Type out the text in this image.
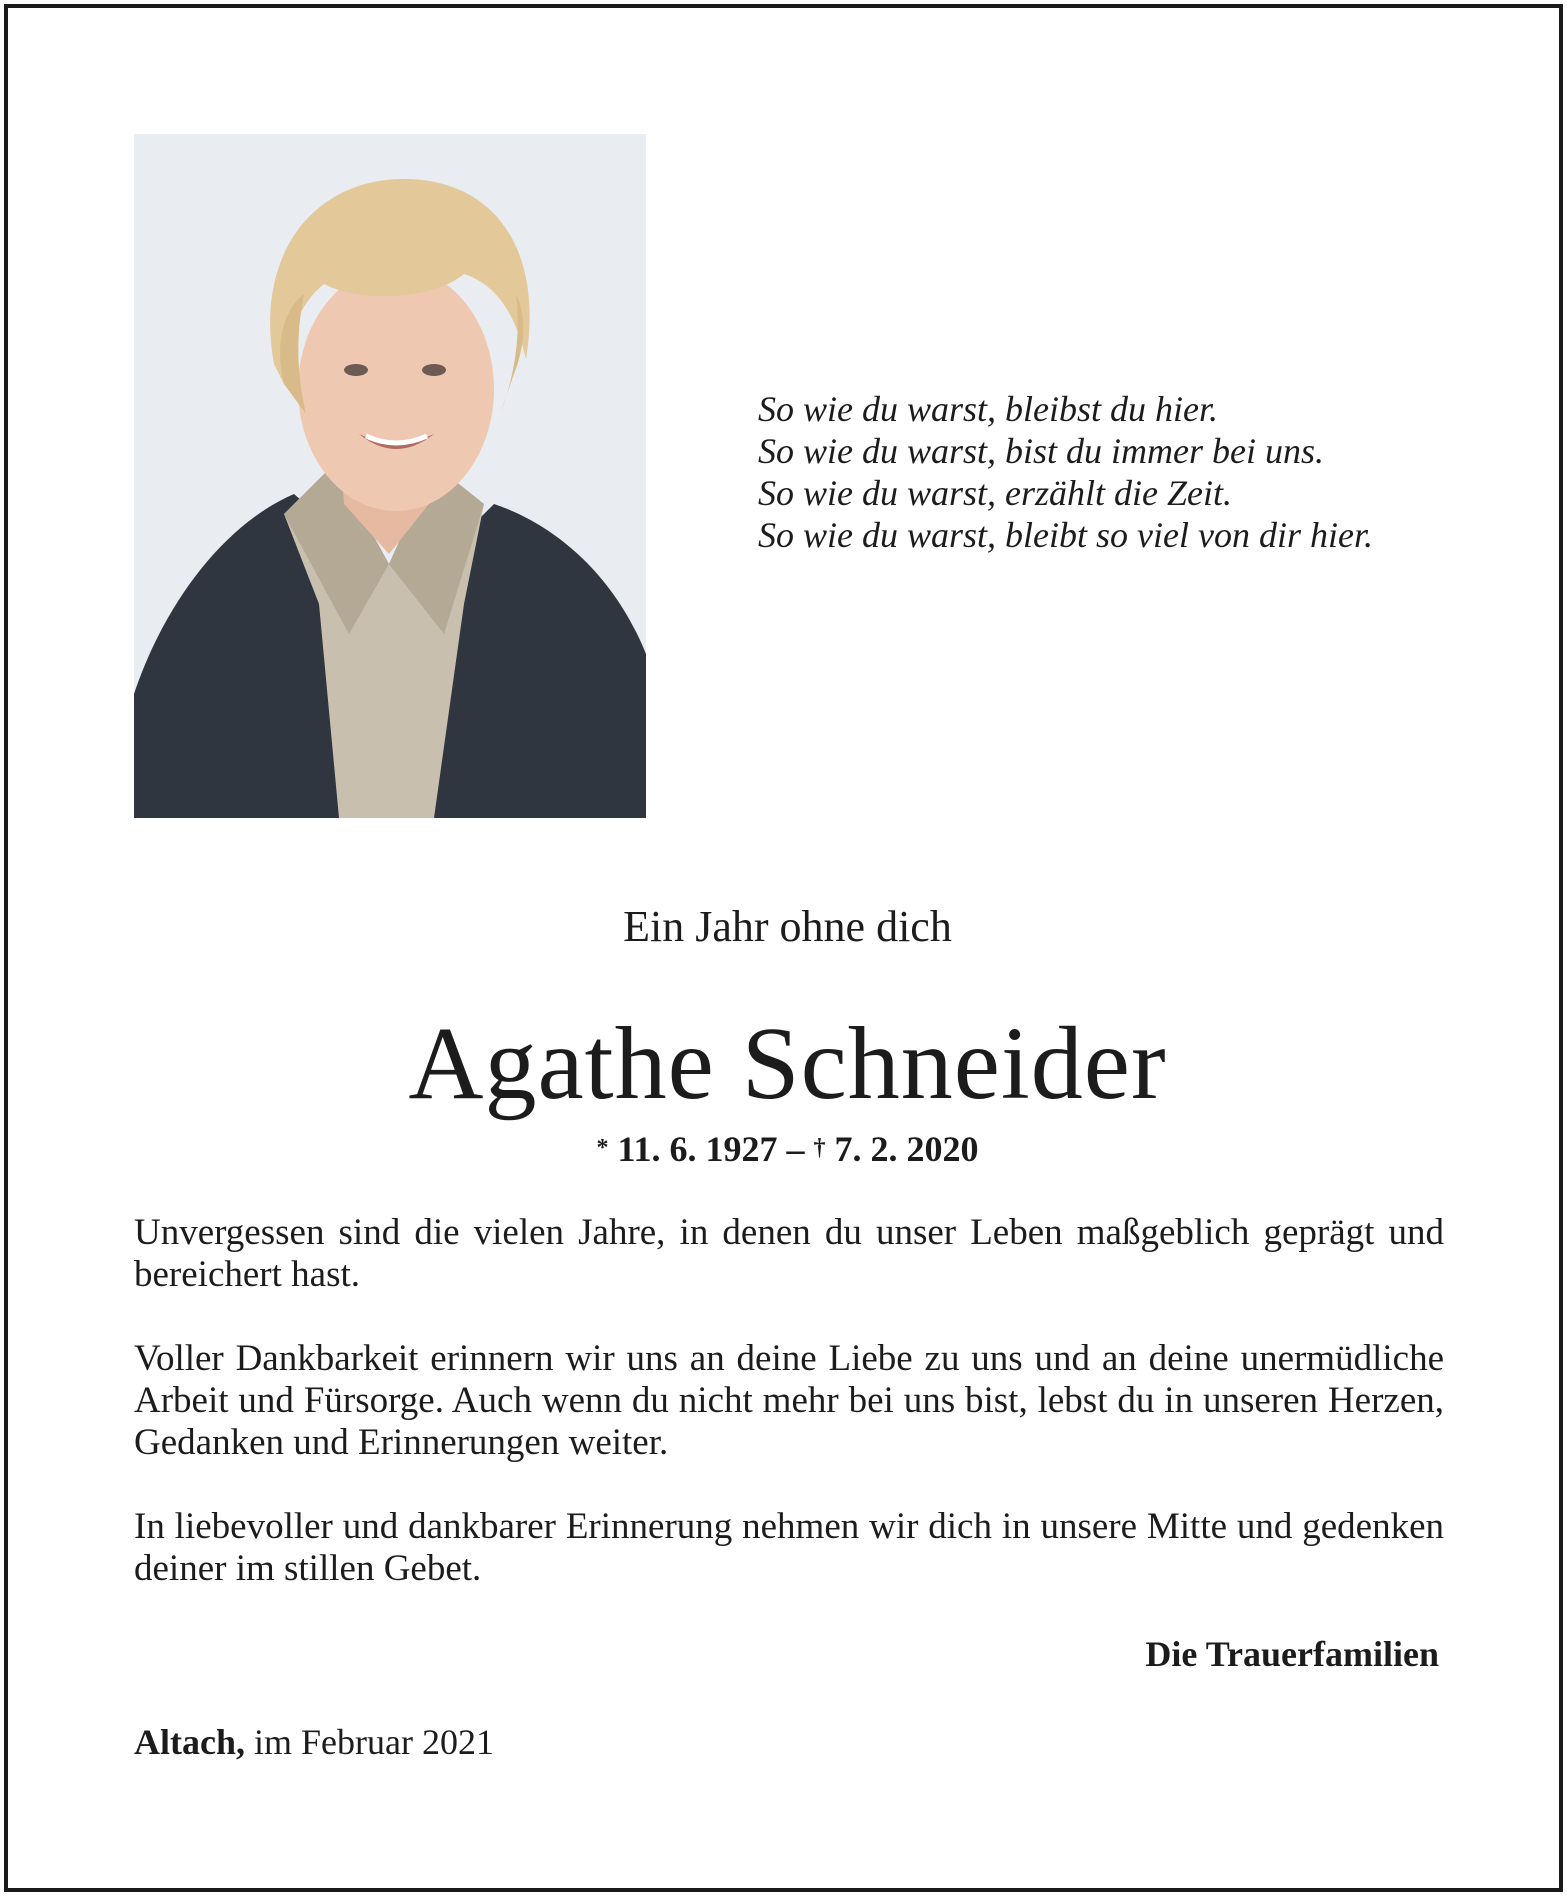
So wie du warst, bleibst du hier.
So wie du warst, bist du immer bei uns.
So wie du warst, erzählt die Zeit.
So wie du warst, bleibt so viel von dir hier.
Ein Jahr ohne dich
Agathe Schneider
* 11. 6. 1927 – † 7. 2. 2020
Unvergessen sind die vielen Jahre, in denen du unser Leben maßgeblich geprägt und bereichert hast.
Voller Dankbarkeit erinnern wir uns an deine Liebe zu uns und an deine unermüdliche Arbeit und Fürsorge. Auch wenn du nicht mehr bei uns bist, lebst du in unseren Herzen, Gedanken und Erinnerungen weiter.
In liebevoller und dankbarer Erinnerung nehmen wir dich in unsere Mitte und gedenken deiner im stillen Gebet.
Die Trauerfamilien
Altach, im Februar 2021
